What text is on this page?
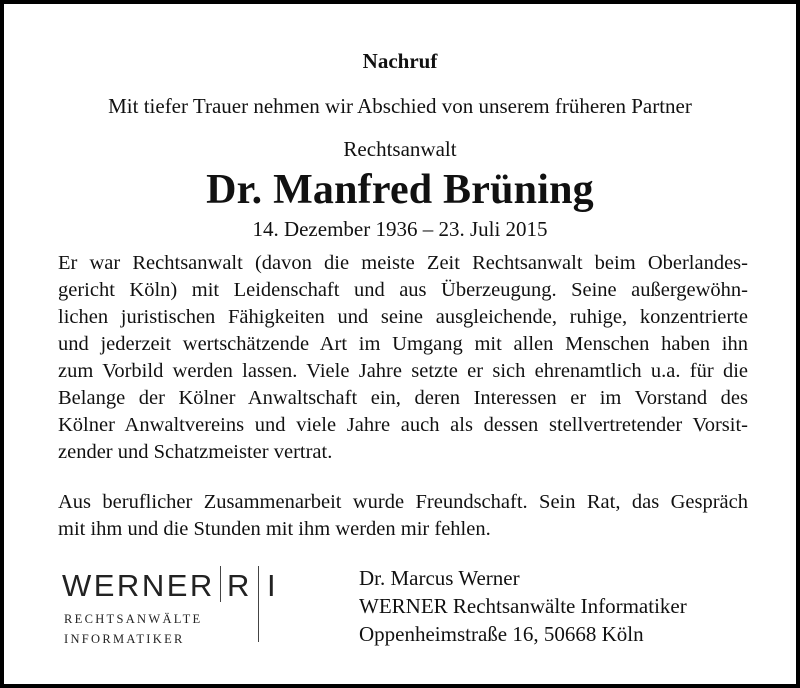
Nachruf
Mit tiefer Trauer nehmen wir Abschied von unserem früheren Partner
Rechtsanwalt
Dr. Manfred Brüning
14. Dezember 1936 – 23. Juli 2015
Er war Rechtsanwalt (davon die meiste Zeit Rechtsanwalt beim Oberlandes-
gericht Köln) mit Leidenschaft und aus Überzeugung. Seine außergewöhn-
lichen juristischen Fähigkeiten und seine ausgleichende, ruhige, konzentrierte
und jederzeit wertschätzende Art im Umgang mit allen Menschen haben ihn
zum Vorbild werden lassen. Viele Jahre setzte er sich ehrenamtlich u.a. für die
Belange der Kölner Anwaltschaft ein, deren Interessen er im Vorstand des
Kölner Anwaltvereins und viele Jahre auch als dessen stellvertretender Vorsit-
zender und Schatzmeister vertrat.
Aus beruflicher Zusammenarbeit wurde Freundschaft. Sein Rat, das Gespräch
mit ihm und die Stunden mit ihm werden mir fehlen.
WERNER R I
RECHTSANWÄLTE
INFORMATIKER
Dr. Marcus Werner
WERNER Rechtsanwälte Informatiker
Oppenheimstraße 16, 50668 Köln
